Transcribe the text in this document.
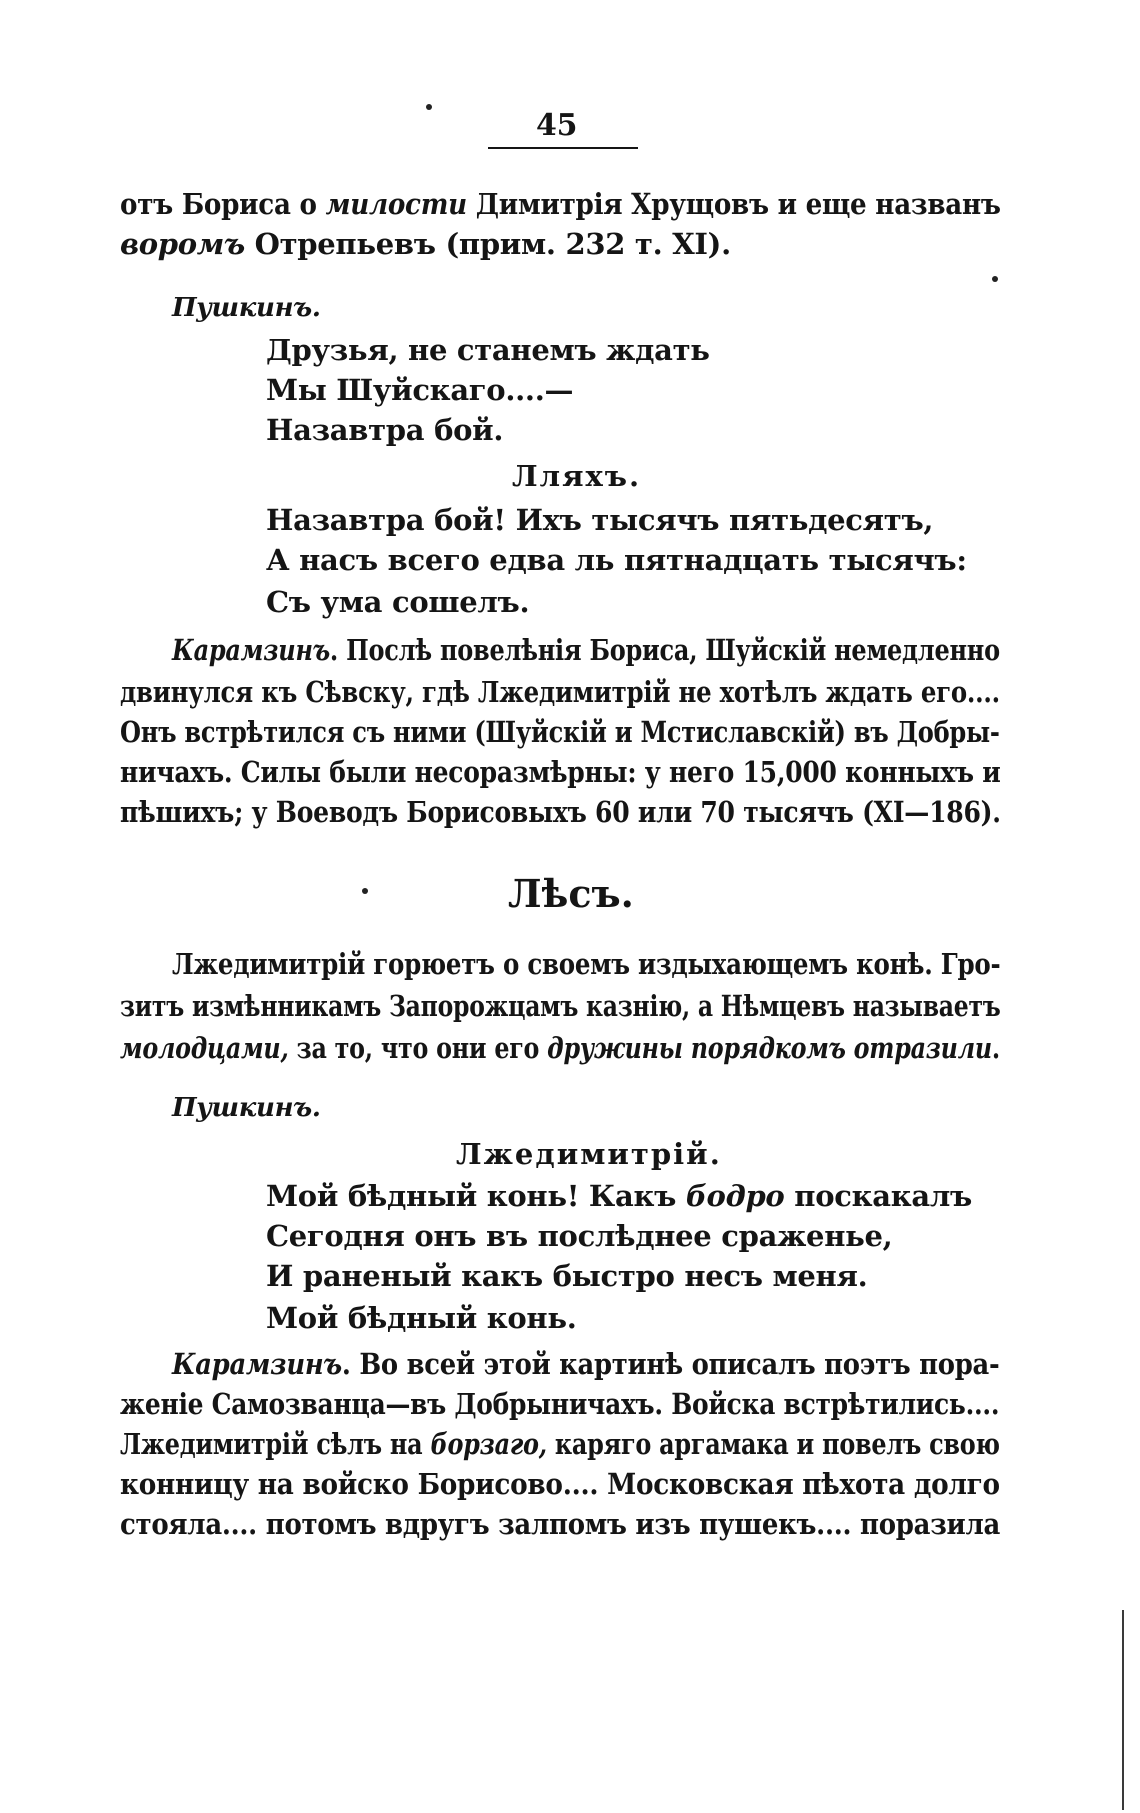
45
отъ Бориса о милости Димитрія Хрущовъ и еще названъ
воромъ Отрепьевъ (прим. 232 т. XI).
Пушкинъ.
Друзья, не станемъ ждать
Мы Шуйскаго....—
Назавтра бой.
Лляхъ.
Назавтра бой! Ихъ тысячъ пятьдесятъ,
А насъ всего едва ль пятнадцать тысячъ:
Съ ума сошелъ.
Карамзинъ. Послѣ повелѣнія Бориса, Шуйскій немедленно
двинулся къ Сѣвску, гдѣ Лжедимитрій не хотѣлъ ждать его....
Онъ встрѣтился съ ними (Шуйскій и Мстиславскій) въ Добры-
ничахъ. Силы были несоразмѣрны: у него 15,000 конныхъ и
пѣшихъ; у Воеводъ Борисовыхъ 60 или 70 тысячъ (XI—186).
Лѣсъ.
Лжедимитрій горюетъ о своемъ издыхающемъ конѣ. Гро-
зитъ измѣнникамъ Запорожцамъ казнію, а Нѣмцевъ называетъ
молодцами, за то, что они его дружины порядкомъ отразили.
Пушкинъ.
Лжедимитрій.
Мой бѣдный конь! Какъ бодро поскакалъ
Сегодня онъ въ послѣднее сраженье,
И раненый какъ быстро несъ меня.
Мой бѣдный конь.
Карамзинъ. Во всей этой картинѣ описалъ поэтъ пора-
женіе Самозванца—въ Добрыничахъ. Войска встрѣтились....
Лжедимитрій сѣлъ на борзаго, карягo аргамака и повелъ свою
конницу на войско Борисово.... Московская пѣхота долго
стояла.... потомъ вдругъ залпомъ изъ пушекъ.... поразила
